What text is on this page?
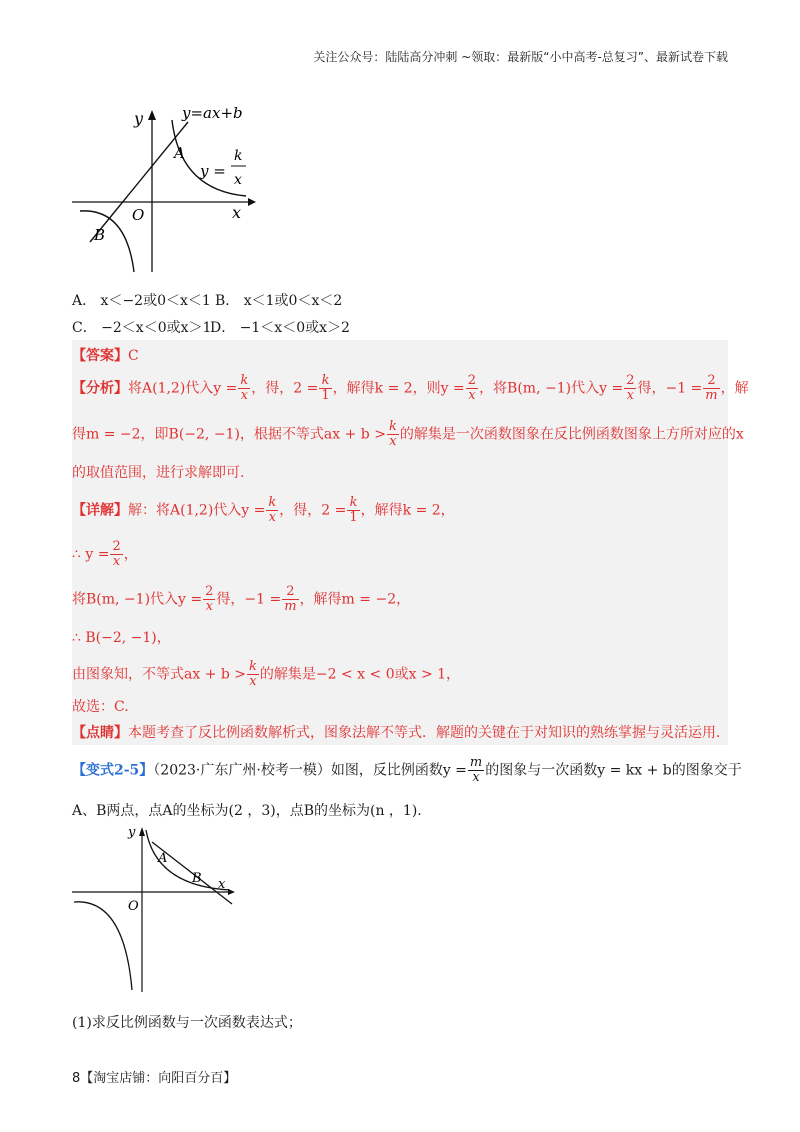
关注公众号：陆陆高分冲刺 ~领取：最新版“小中高考-总复习”、最新试卷下载
y	y=ax+b
A
y =
k
x
O	x
B
A． x＜−2或0＜x＜1 B． x＜1或0＜x＜2
C． −2＜x＜0或x＞1
D． −1＜x＜0或x＞2
【答案】C
【分析】将A(1,2)代入$y = \frac{k}{x}$ ，得，$2 = \frac{k}{1}$ ，解得k = 2，则$y = \frac{2}{x}$ ，将B(m, −1)代入$y = \frac{2}{x}$ 得，$-1 = \frac{2}{m}$ ，解
得m = −2，即B(−2, −1)，根据不等式ax + $b > \frac{k}{x}$ 的解集是一次函数图象在反比例函数图象上方所对应的x
的取值范围，进行求解即可.
【详解】解：将A(1,2)代入$y = \frac{k}{x}$ ，得，$2 = \frac{k}{1}$ ，解得k = 2，
∴ $y = \frac{2}{x}$ ，
将B(m, −1)代入$y = \frac{2}{x}$ 得，$-1 = \frac{2}{m}$ ，解得m = −2，
∴ B(−2, −1)，
由图象知，不等式ax + $b > \frac{k}{x}$ 的解集是−2 < x < 0或x > 1，
故选：C.
【点睛】本题考查了反比例函数解析式，图象法解不等式．解题的关键在于对知识的熟练掌握与灵活运用．
【变式2-5】（2023·广东广州·校考一模）如图，反比例函数$y = \frac{m}{x}$ 的图象与一次函数y = kx + b的图象交于
A、B两点，点A的坐标为(2 ，3)，点B的坐标为(n ，1).
y
A
B x
O
(1)求反比例函数与一次函数表达式；
8【淘宝店铺：向阳百分百】
